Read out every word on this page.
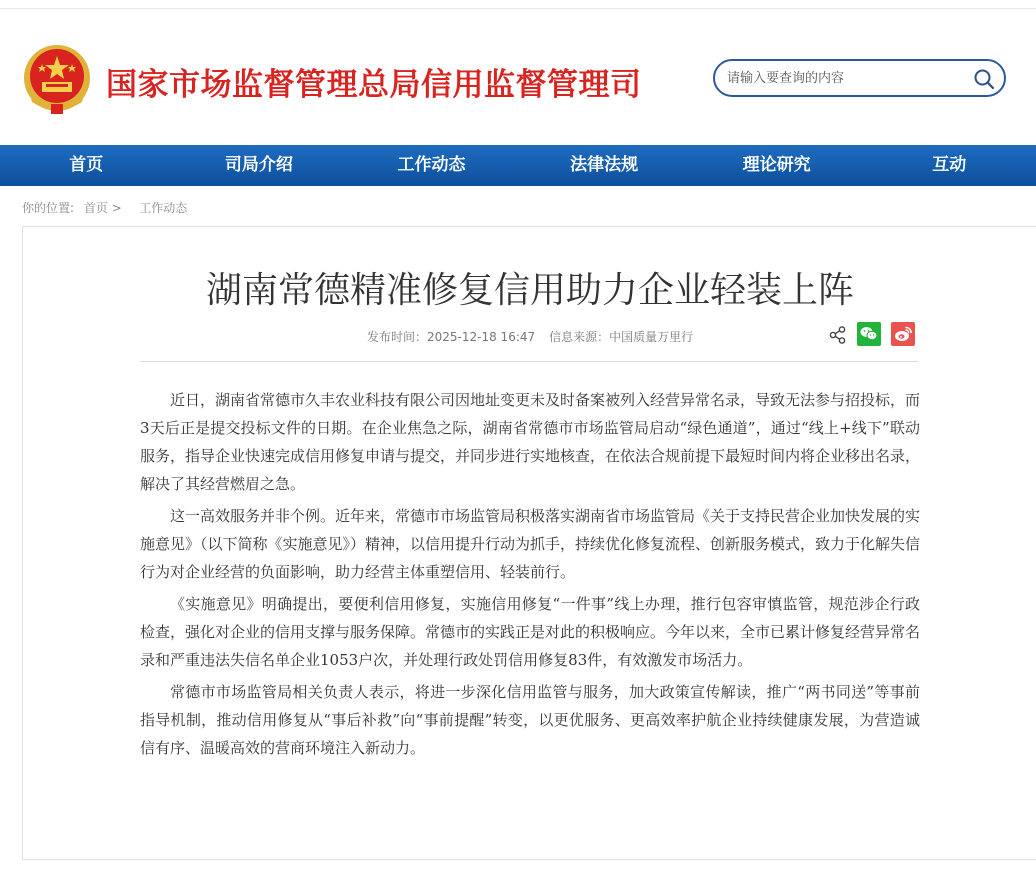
国家市场监督管理总局信用监督管理司
请输入要查询的内容
首页	司局介绍	工作动态	法律法规	理论研究	互动
你的位置: 首页 > 工作动态
湖南常德精准修复信用助力企业轻装上阵
发布时间：2025-12-18 16:47 信息来源：中国质量万里行

近日，湖南省常德市久丰农业科技有限公司因地址变更未及时备案被列入经营异常名录，导致无法参与招投标，而3天后正是提交投标文件的日期。在企业焦急之际，湖南省常德市市场监管局启动“绿色通道”，通过“线上+线下”联动服务，指导企业快速完成信用修复申请与提交，并同步进行实地核查，在依法合规前提下最短时间内将企业移出名录，解决了其经营燃眉之急。

这一高效服务并非个例。近年来，常德市市场监管局积极落实湖南省市场监管局《关于支持民营企业加快发展的实施意见》（以下简称《实施意见》）精神，以信用提升行动为抓手，持续优化修复流程、创新服务模式，致力于化解失信行为对企业经营的负面影响，助力经营主体重塑信用、轻装前行。

《实施意见》明确提出，要便利信用修复，实施信用修复“一件事”线上办理，推行包容审慎监管，规范涉企行政检查，强化对企业的信用支撑与服务保障。常德市的实践正是对此的积极响应。今年以来，全市已累计修复经营异常名录和严重违法失信名单企业1053户次，并处理行政处罚信用修复83件，有效激发市场活力。

常德市市场监管局相关负责人表示，将进一步深化信用监管与服务，加大政策宣传解读，推广“两书同送”等事前指导机制，推动信用修复从“事后补救”向“事前提醒”转变，以更优服务、更高效率护航企业持续健康发展，为营造诚信有序、温暖高效的营商环境注入新动力。
